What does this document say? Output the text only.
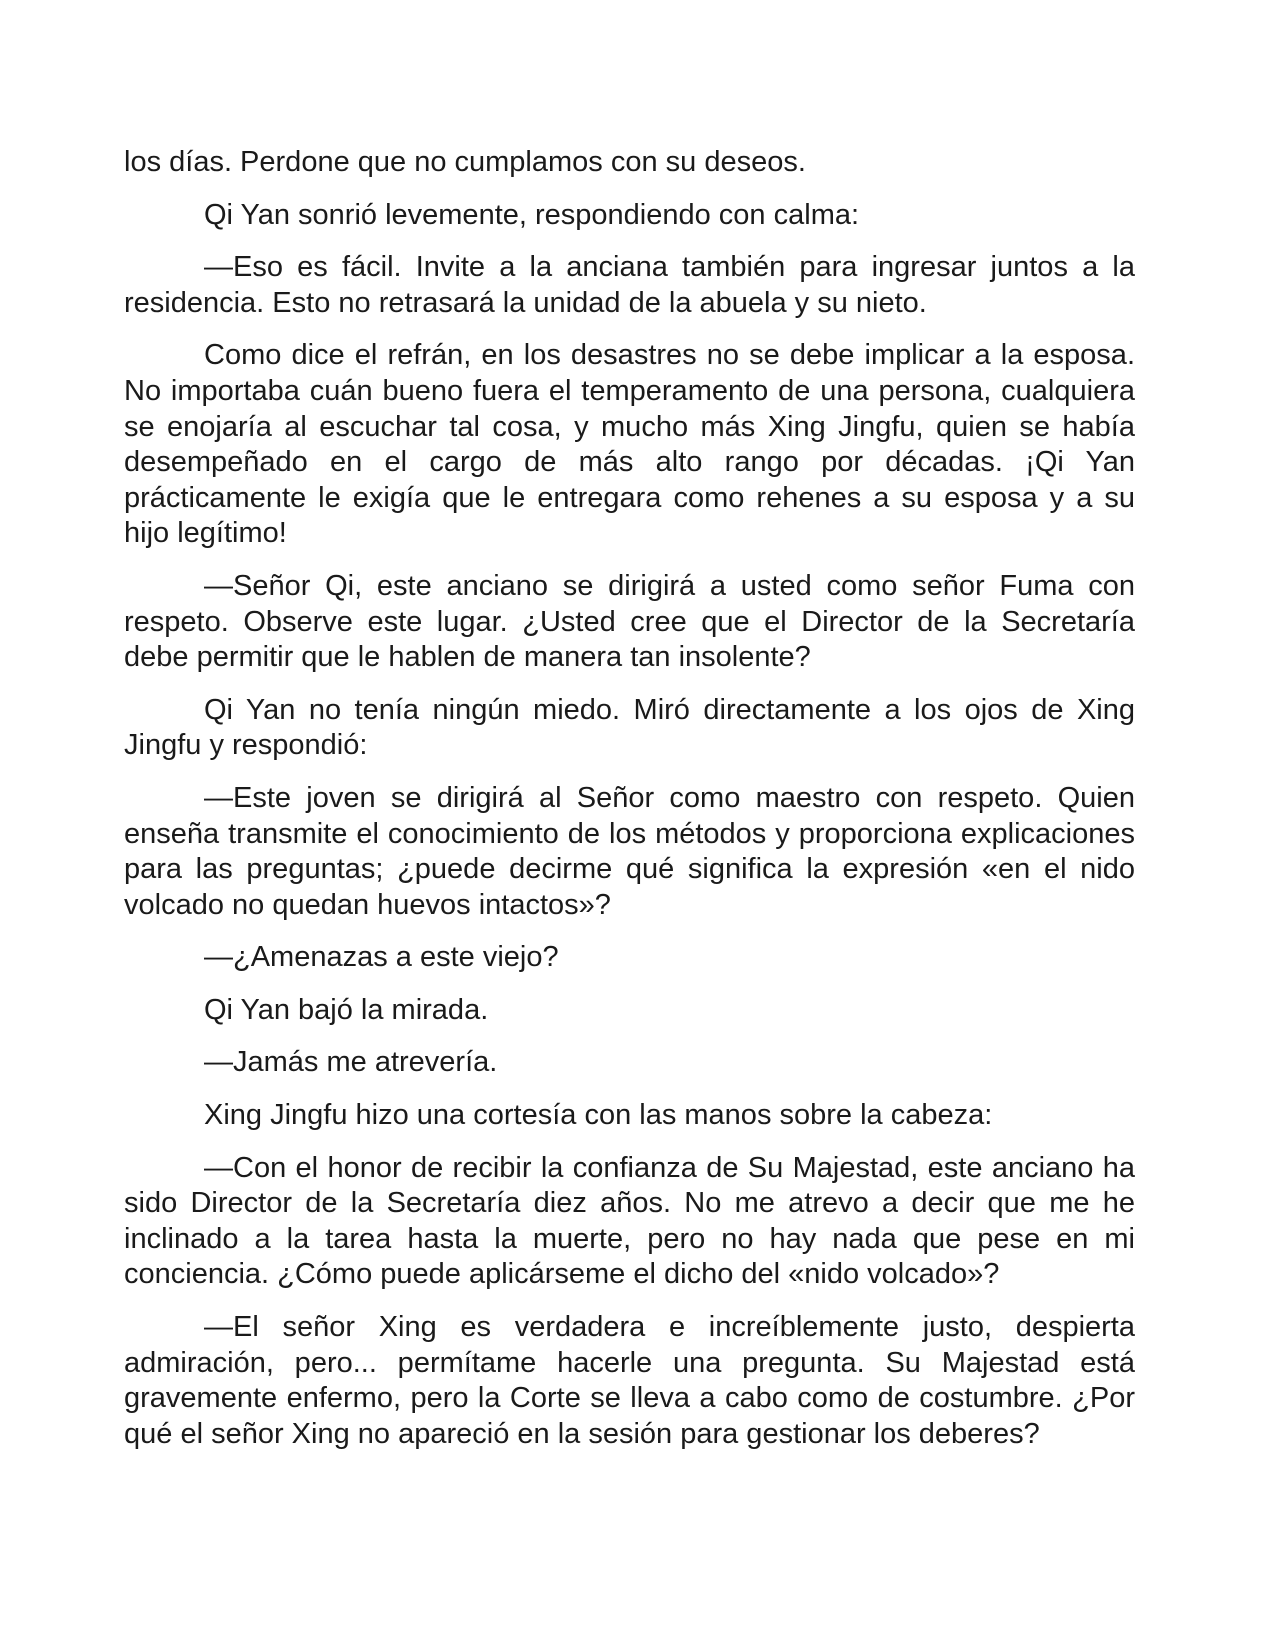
los días. Perdone que no cumplamos con su deseos.

Qi Yan sonrió levemente, respondiendo con calma:

—Eso es fácil. Invite a la anciana también para ingresar juntos a la residencia. Esto no retrasará la unidad de la abuela y su nieto.

Como dice el refrán, en los desastres no se debe implicar a la esposa. No importaba cuán bueno fuera el temperamento de una persona, cualquiera se enojaría al escuchar tal cosa, y mucho más Xing Jingfu, quien se había desempeñado en el cargo de más alto rango por décadas. ¡Qi Yan prácticamente le exigía que le entregara como rehenes a su esposa y a su hijo legítimo!

—Señor Qi, este anciano se dirigirá a usted como señor Fuma con respeto. Observe este lugar. ¿Usted cree que el Director de la Secretaría debe permitir que le hablen de manera tan insolente?

Qi Yan no tenía ningún miedo. Miró directamente a los ojos de Xing Jingfu y respondió:

—Este joven se dirigirá al Señor como maestro con respeto. Quien enseña transmite el conocimiento de los métodos y proporciona explicaciones para las preguntas; ¿puede decirme qué significa la expresión «en el nido volcado no quedan huevos intactos»?

—¿Amenazas a este viejo?

Qi Yan bajó la mirada.

—Jamás me atrevería.

Xing Jingfu hizo una cortesía con las manos sobre la cabeza:

—Con el honor de recibir la confianza de Su Majestad, este anciano ha sido Director de la Secretaría diez años. No me atrevo a decir que me he inclinado a la tarea hasta la muerte, pero no hay nada que pese en mi conciencia. ¿Cómo puede aplicárseme el dicho del «nido volcado»?

—El señor Xing es verdadera e increíblemente justo, despierta admiración, pero... permítame hacerle una pregunta. Su Majestad está gravemente enfermo, pero la Corte se lleva a cabo como de costumbre. ¿Por qué el señor Xing no apareció en la sesión para gestionar los deberes?
